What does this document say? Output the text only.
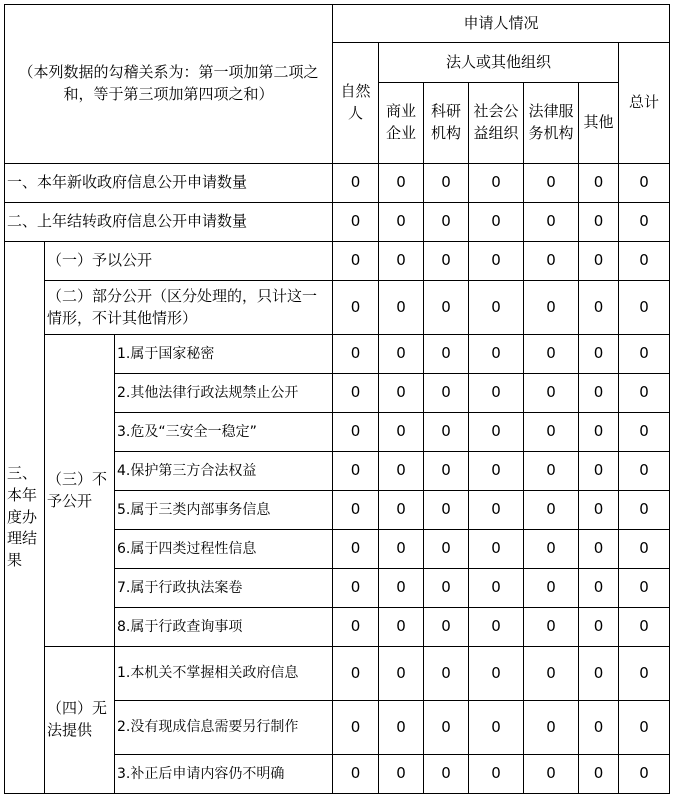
（本列数据的勾稽关系为：第一项加第二项之和，等于第三项加第四项之和）			申请人情况						
			自然人	法人或其他组织					总计
				商业企业	科研机构	社会公益组织	法律服务机构	其他	
一、本年新收政府信息公开申请数量			0	0	0	0	0	0	0
二、上年结转政府信息公开申请数量			0	0	0	0	0	0	0
三、本年度办理结果	（一）予以公开		0	0	0	0	0	0	0
	（二）部分公开（区分处理的，只计这一情形，不计其他情形）		0	0	0	0	0	0	0
	（三）不予公开	1.属于国家秘密	0	0	0	0	0	0	0
		2.其他法律行政法规禁止公开	0	0	0	0	0	0	0
		3.危及“三安全一稳定”	0	0	0	0	0	0	0
		4.保护第三方合法权益	0	0	0	0	0	0	0
		5.属于三类内部事务信息	0	0	0	0	0	0	0
		6.属于四类过程性信息	0	0	0	0	0	0	0
		7.属于行政执法案卷	0	0	0	0	0	0	0
		8.属于行政查询事项	0	0	0	0	0	0	0
	（四）无法提供	1.本机关不掌握相关政府信息	0	0	0	0	0	0	0
		2.没有现成信息需要另行制作	0	0	0	0	0	0	0
		3.补正后申请内容仍不明确	0	0	0	0	0	0	0
